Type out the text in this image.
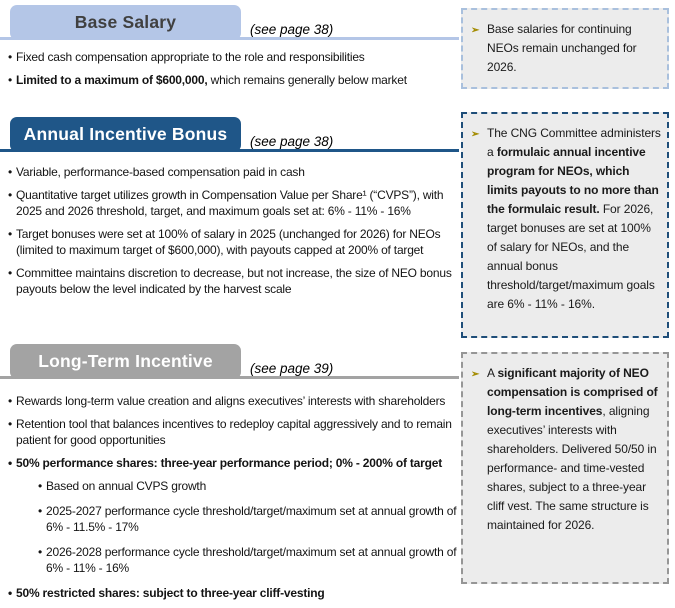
Base Salary	(see page 38)
• Fixed cash compensation appropriate to the role and responsibilities
• Limited to a maximum of $600,000, which remains generally below market
➢ Base salaries for continuing NEOs remain unchanged for 2026.
Annual Incentive Bonus (see page 38)
• Variable, performance-based compensation paid in cash
• Quantitative target utilizes growth in Compensation Value per Share¹ (“CVPS”), with 2025 and 2026 threshold, target, and maximum goals set at: 6% - 11% - 16%
• Target bonuses were set at 100% of salary in 2025 (unchanged for 2026) for NEOs (limited to maximum target of $600,000), with payouts capped at 200% of target
• Committee maintains discretion to decrease, but not increase, the size of NEO bonus payouts below the level indicated by the harvest scale
➢ The CNG Committee administers a formulaic annual incentive program for NEOs, which limits payouts to no more than the formulaic result. For 2026, target bonuses are set at 100% of salary for NEOs, and the annual bonus threshold/target/maximum goals are 6% - 11% - 16%.
Long-Term Incentive	(see page 39)
• Rewards long-term value creation and aligns executives’ interests with shareholders
• Retention tool that balances incentives to redeploy capital aggressively and to remain patient for good opportunities
• 50% performance shares: three-year performance period; 0% - 200% of target
• Based on annual CVPS growth
• 2025-2027 performance cycle threshold/target/maximum set at annual growth of 6% - 11.5% - 17%
• 2026-2028 performance cycle threshold/target/maximum set at annual growth of 6% - 11% - 16%
• 50% restricted shares: subject to three-year cliff-vesting
➢ A significant majority of NEO compensation is comprised of long-term incentives, aligning executives’ interests with shareholders. Delivered 50/50 in performance- and time-vested shares, subject to a three-year cliff vest. The same structure is maintained for 2026.
